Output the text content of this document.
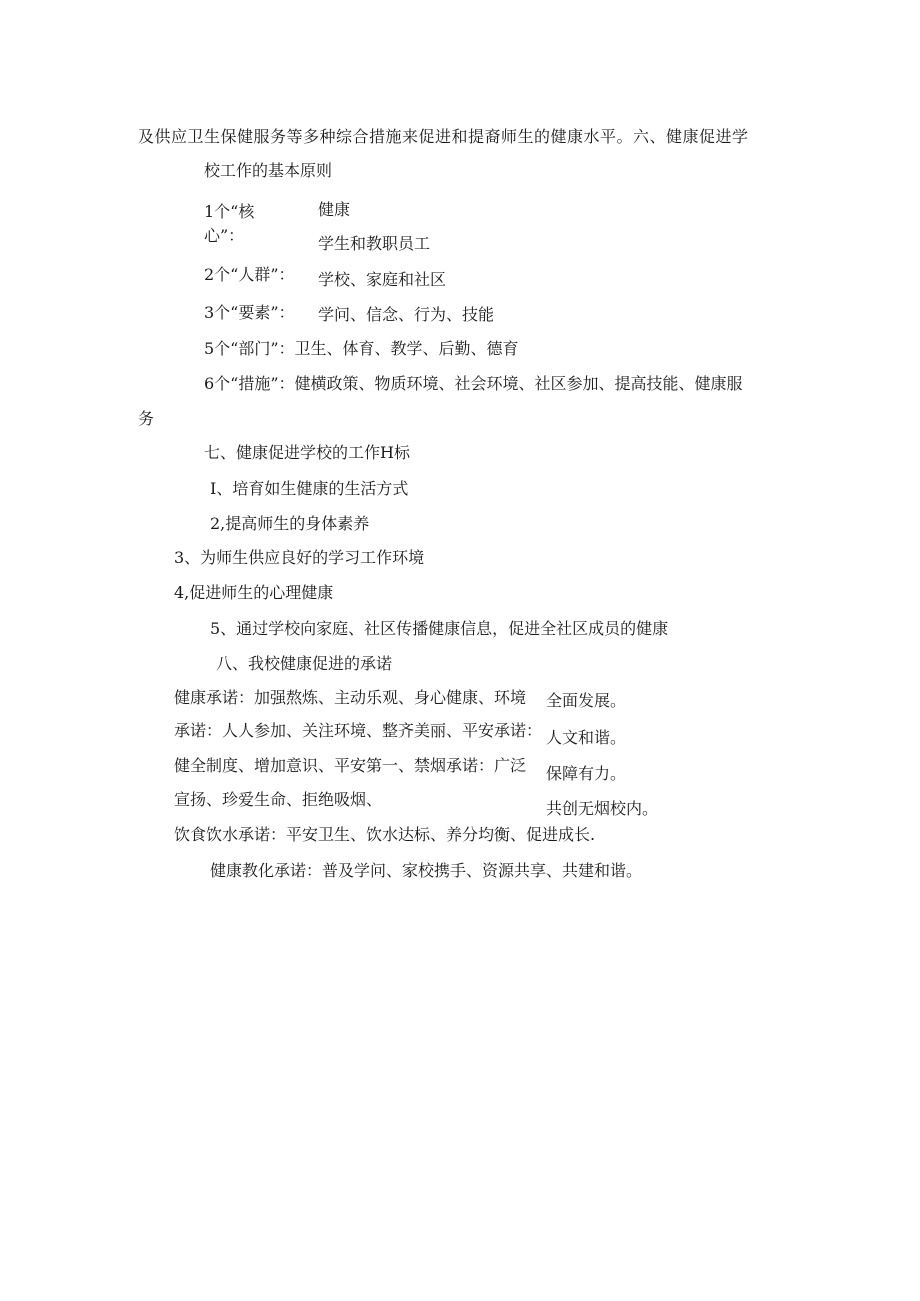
及供应卫生保健服务等多种综合措施来促进和提裔师生的健康水平。六、健康促进学
校工作的基本原则
1个“核
心”：
健康
学生和教职员工
2个“人群”： 学校、家庭和社区
3个“要素”： 学问、信念、行为、技能
5个“部门”：卫生、体育、教学、后勤、德育
6个“措施”：健横政策、物质环境、社会环境、社区参加、提高技能、健康服
务
七、健康促进学校的工作H标
I、培育如生健康的生活方式
2,提高师生的身体素养
3、为师生供应良好的学习工作环境
4,促进师生的心理健康
5、通过学校向家庭、社区传播健康信息，促进全社区成员的健康
八、我校健康促进的承诺
健康承诺：加强熬炼、主动乐观、身心健康、环境
承诺：人人参加、关注环境、整齐美丽、平安承诺：
健全制度、增加意识、平安第一、禁烟承诺：广泛
宣扬、珍爱生命、拒绝吸烟、
全面发展。
人文和谐。
保障有力。
共创无烟校内。
饮食饮水承诺：平安卫生、饮水达标、养分均衡、促进成长.
健康教化承诺：普及学问、家校携手、资源共享、共建和谐。
